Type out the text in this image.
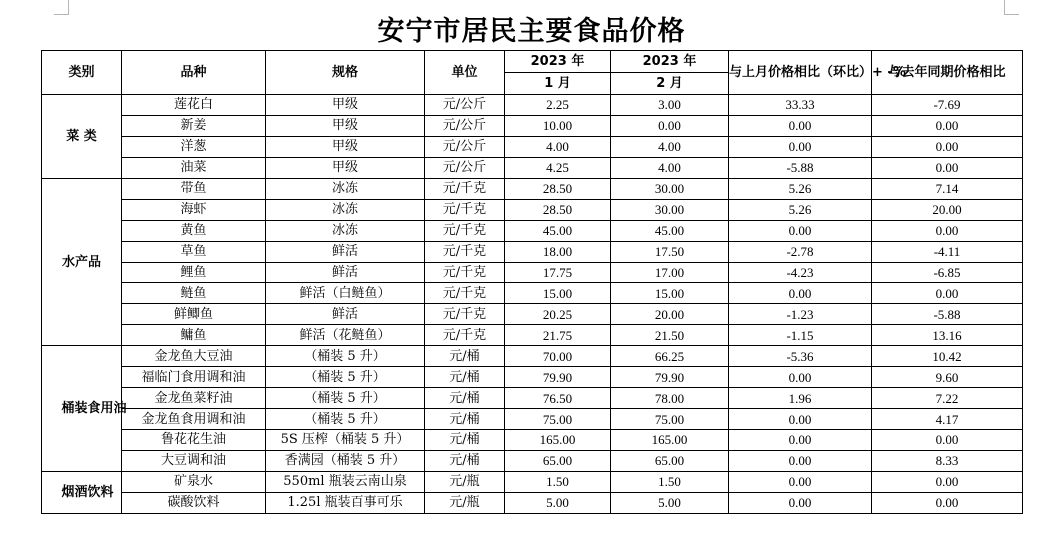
安宁市居民主要食品价格
类别	品种	规格	单位	2023 年	2023 年	与上月价格相比（环比）+ -%	与去年同期价格相比
				1 月	2 月		
菜 类	莲花白	甲级	元/公斤	2.25	3.00	33.33	-7.69
	新姜	甲级	元/公斤	10.00	0.00	0.00	0.00
	洋葱	甲级	元/公斤	4.00	4.00	0.00	0.00
	油菜	甲级	元/公斤	4.25	4.00	-5.88	0.00
水产品	带鱼	冰冻	元/千克	28.50	30.00	5.26	7.14
	海虾	冰冻	元/千克	28.50	30.00	5.26	20.00
	黄鱼	冰冻	元/千克	45.00	45.00	0.00	0.00
	草鱼	鲜活	元/千克	18.00	17.50	-2.78	-4.11
	鲤鱼	鲜活	元/千克	17.75	17.00	-4.23	-6.85
	鲢鱼	鲜活（白鲢鱼）	元/千克	15.00	15.00	0.00	0.00
	鲜鲫鱼	鲜活	元/千克	20.25	20.00	-1.23	-5.88
	鳙鱼	鲜活（花鲢鱼）	元/千克	21.75	21.50	-1.15	13.16
桶装食用油	金龙鱼大豆油	（桶装 5 升）	元/桶	70.00	66.25	-5.36	10.42
	福临门食用调和油	（桶装 5 升）	元/桶	79.90	79.90	0.00	9.60
	金龙鱼菜籽油	（桶装 5 升）	元/桶	76.50	78.00	1.96	7.22
	金龙鱼食用调和油	（桶装 5 升）	元/桶	75.00	75.00	0.00	4.17
	鲁花花生油	5S 压榨（桶装 5 升）	元/桶	165.00	165.00	0.00	0.00
	大豆调和油	香满园（桶装 5 升）	元/桶	65.00	65.00	0.00	8.33
烟酒饮料	矿泉水	550ml 瓶装云南山泉	元/瓶	1.50	1.50	0.00	0.00
	碳酸饮料	1.25l 瓶装百事可乐	元/瓶	5.00	5.00	0.00	0.00
